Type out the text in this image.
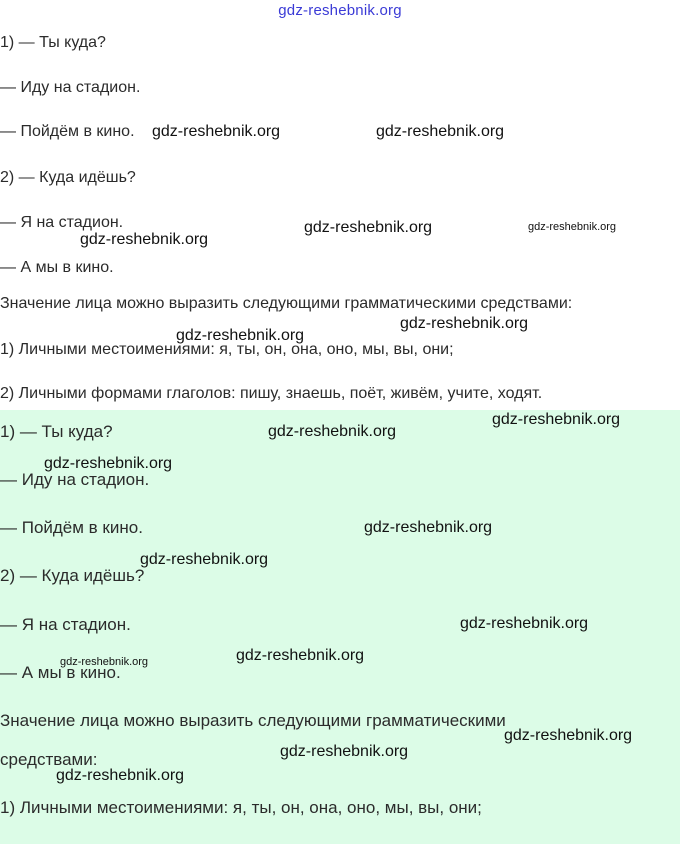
gdz-reshebnik.org
1) — Ты куда?
— Иду на стадион.
— Пойдём в кино.
2) — Куда идёшь?
— Я на стадион.
— А мы в кино.
Значение лица можно выразить следующими грамматическими средствами:
1) Личными местоимениями: я, ты, он, она, оно, мы, вы, они;
2) Личными формами глаголов: пишу, знаешь, поёт, живём, учите, ходят.
1) — Ты куда?
— Иду на стадион.
— Пойдём в кино.
2) — Куда идёшь?
— Я на стадион.
— А мы в кино.
Значение лица можно выразить следующими грамматическими
средствами:
1) Личными местоимениями: я, ты, он, она, оно, мы, вы, они;
gdz-reshebnik.org	gdz-reshebnik.org
gdz-reshebnik.org	gdz-reshebnik.org
gdz-reshebnik.org
gdz-reshebnik.org
gdz-reshebnik.org
gdz-reshebnik.org
gdz-reshebnik.org
gdz-reshebnik.org
gdz-reshebnik.org
gdz-reshebnik.org
gdz-reshebnik.org
gdz-reshebnik.org
gdz-reshebnik.org
gdz-reshebnik.org
gdz-reshebnik.org
gdz-reshebnik.org
